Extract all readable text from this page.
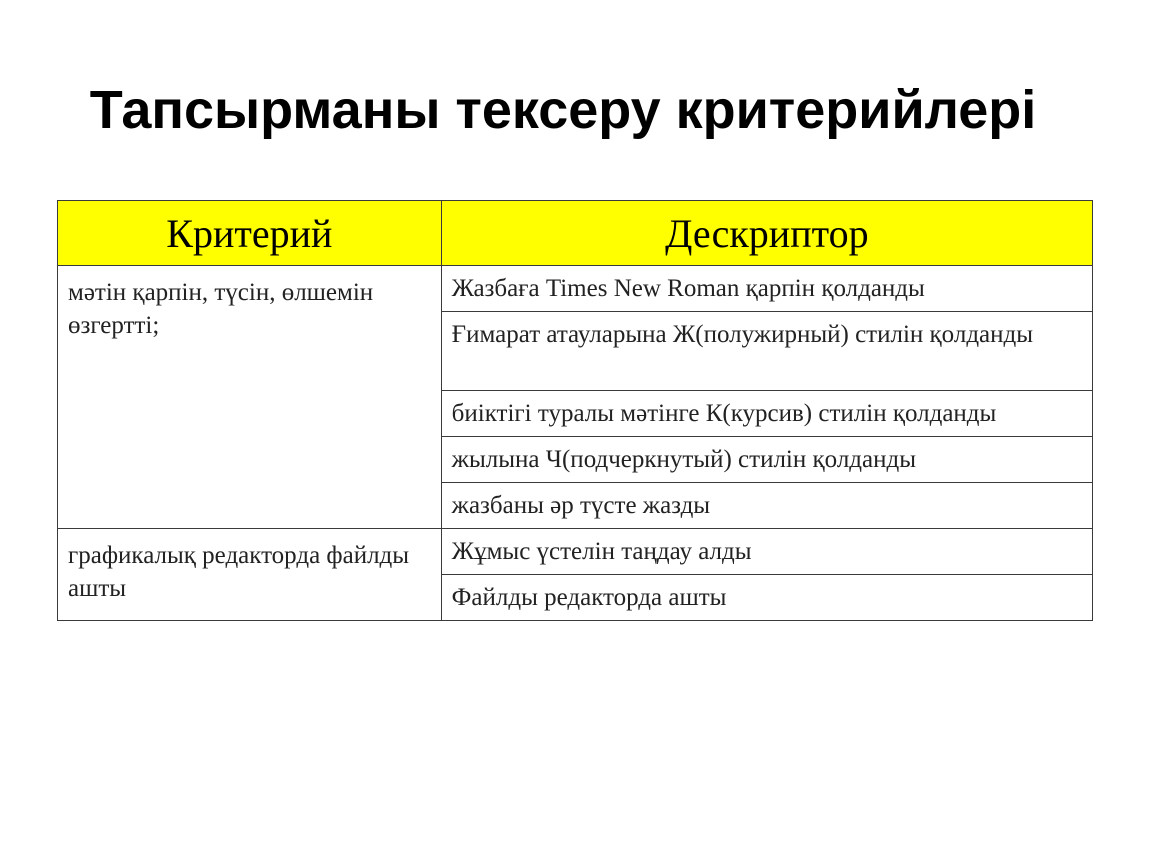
Тапсырманы тексеру критерийлері
Критерий	Дескриптор
мәтін қарпін, түсін, өлшемін өзгертті;	Жазбаға Times New Roman қарпін қолданды
	Ғимарат атауларына Ж(полужирный) стилін қолданды
	биіктігі туралы мәтінге К(курсив) стилін қолданды
	жылына Ч(подчеркнутый) стилін қолданды
	жазбаны әр түсте жазды
графикалық редакторда файлды ашты	Жұмыс үстелін таңдау алды
	Файлды редакторда ашты
